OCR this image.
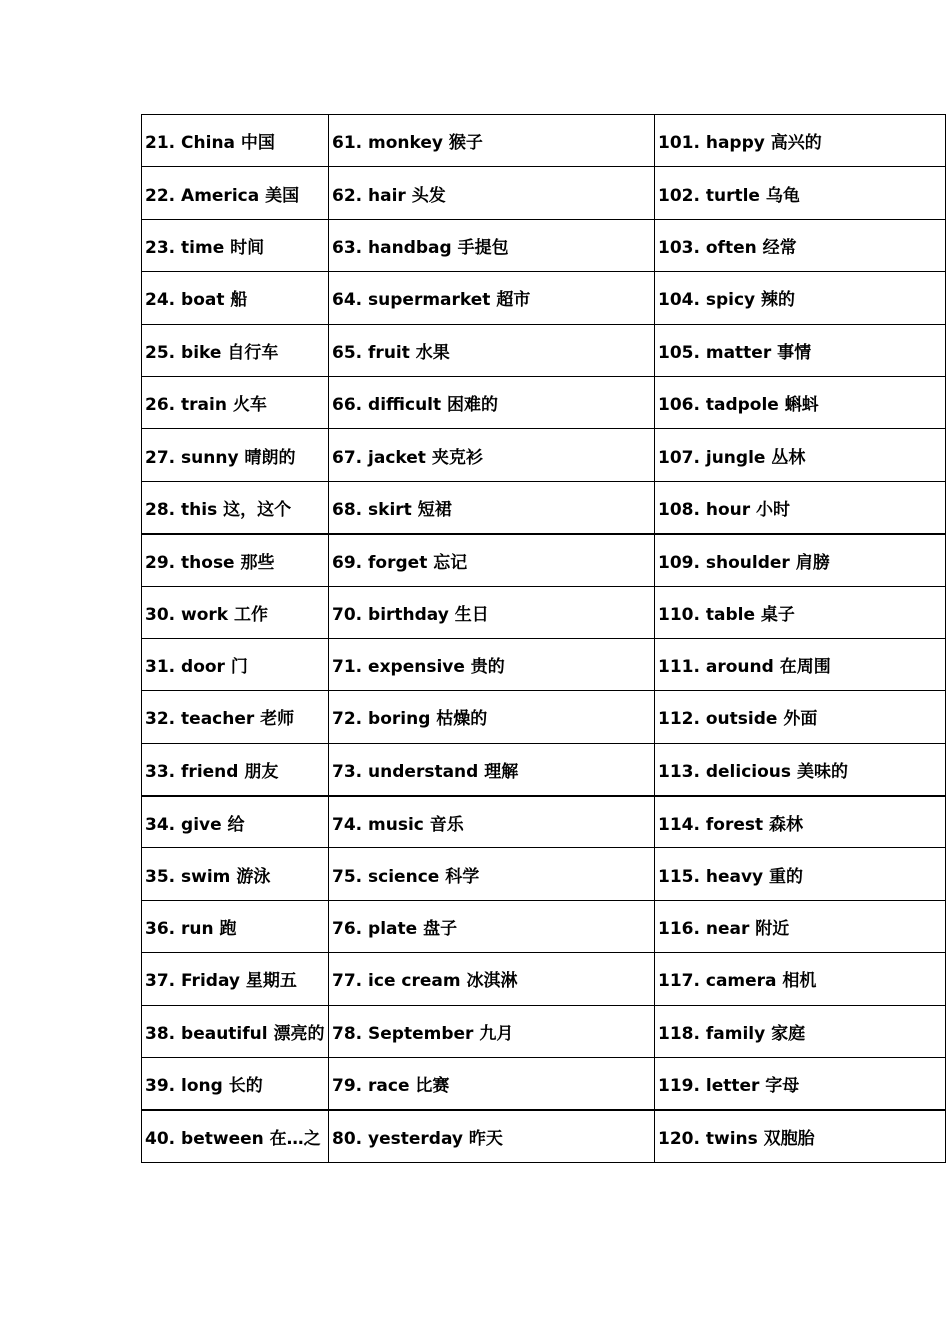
21. China 中国	61. monkey 猴子	101. happy 高兴的
22. America 美国	62. hair 头发	102. turtle 乌龟
23. time 时间	63. handbag 手提包	103. often 经常
24. boat 船	64. supermarket 超市	104. spicy 辣的
25. bike 自行车	65. fruit 水果	105. matter 事情
26. train 火车	66. difficult 困难的	106. tadpole 蝌蚪
27. sunny 晴朗的	67. jacket 夹克衫	107. jungle 丛林
28. this 这，这个	68. skirt 短裙	108. hour 小时
29. those 那些	69. forget 忘记	109. shoulder 肩膀
30. work 工作	70. birthday 生日	110. table 桌子
31. door 门	71. expensive 贵的	111. around 在周围
32. teacher 老师	72. boring 枯燥的	112. outside 外面
33. friend 朋友	73. understand 理解	113. delicious 美味的
34. give 给	74. music 音乐	114. forest 森林
35. swim 游泳	75. science 科学	115. heavy 重的
36. run 跑	76. plate 盘子	116. near 附近
37. Friday 星期五	77. ice cream 冰淇淋	117. camera 相机
38. beautiful 漂亮的	78. September 九月	118. family 家庭
39. long 长的	79. race 比赛	119. letter 字母
40. between 在…之	80. yesterday 昨天	120. twins 双胞胎
